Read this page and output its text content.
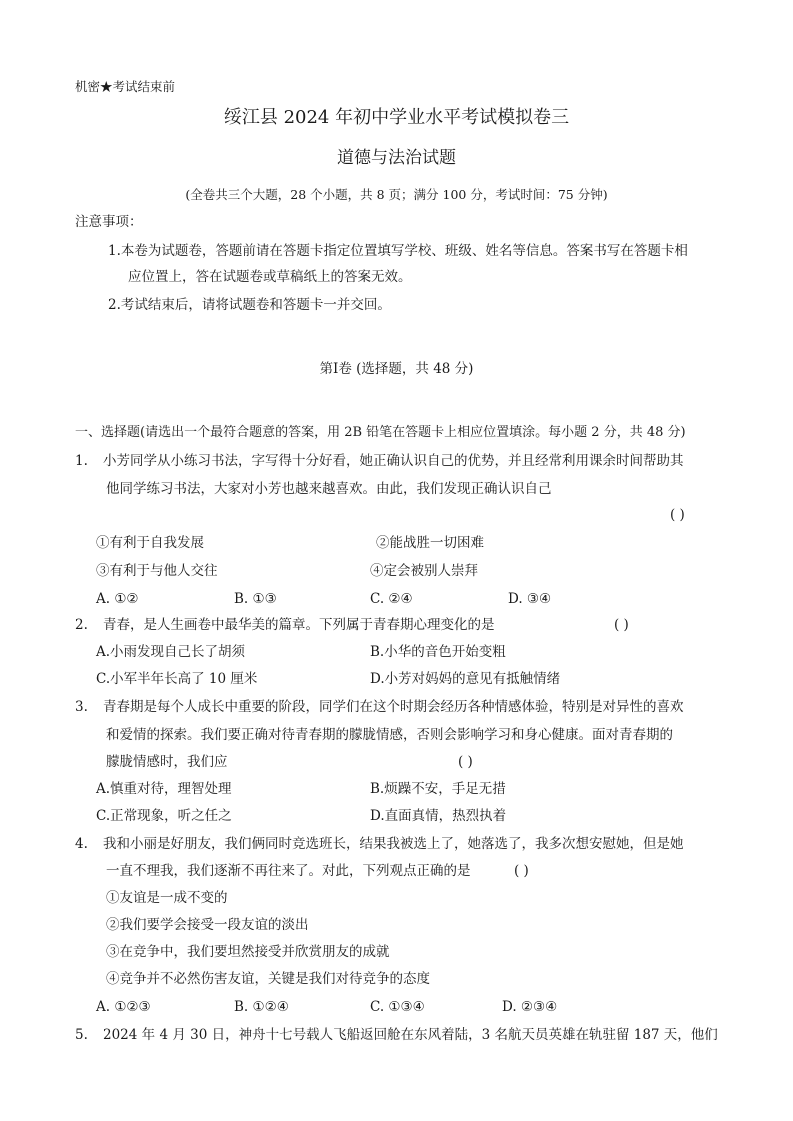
机密★考试结束前
绥江县 2024 年初中学业水平考试模拟卷三
道德与法治试题
(全卷共三个大题，28 个小题，共 8 页；满分 100 分，考试时间：75 分钟)
注意事项：
1.本卷为试题卷，答题前请在答题卡指定位置填写学校、班级、姓名等信息。答案书写在答题卡相
应位置上，答在试题卷或草稿纸上的答案无效。
2.考试结束后，请将试题卷和答题卡一并交回。
第Ⅰ卷 (选择题，共 48 分)
一、选择题(请选出一个最符合题意的答案，用 2B 铅笔在答题卡上相应位置填涂。每小题 2 分，共 48 分)
1. 小芳同学从小练习书法，字写得十分好看，她正确认识自己的优势，并且经常利用课余时间帮助其
他同学练习书法，大家对小芳也越来越喜欢。由此，我们发现正确认识自己
( )
①有利于自我发展	②能战胜一切困难
③有利于与他人交往	④定会被别人崇拜
A. ①②	B. ①③	C. ②④	D. ③④
2. 青春，是人生画卷中最华美的篇章。下列属于青春期心理变化的是	( )
A.小雨发现自己长了胡须	B.小华的音色开始变粗
C.小军半年长高了 10 厘米	D.小芳对妈妈的意见有抵触情绪
3. 青春期是每个人成长中重要的阶段，同学们在这个时期会经历各种情感体验，特别是对异性的喜欢
和爱情的探索。我们要正确对待青春期的朦胧情感，否则会影响学习和身心健康。面对青春期的
朦胧情感时，我们应	( )
A.慎重对待，理智处理	B.烦躁不安，手足无措
C.正常现象，听之任之	D.直面真情，热烈执着
4. 我和小丽是好朋友，我们俩同时竞选班长，结果我被选上了，她落选了，我多次想安慰她，但是她
一直不理我，我们逐渐不再往来了。对此，下列观点正确的是	( )
①友谊是一成不变的
②我们要学会接受一段友谊的淡出
③在竞争中，我们要坦然接受并欣赏朋友的成就
④竞争并不必然伤害友谊，关键是我们对待竞争的态度
A. ①②③	B. ①②④	C. ①③④	D. ②③④
5. 2024 年 4 月 30 日，神舟十七号载人飞船返回舱在东风着陆，3 名航天员英雄在轨驻留 187 天，他们
